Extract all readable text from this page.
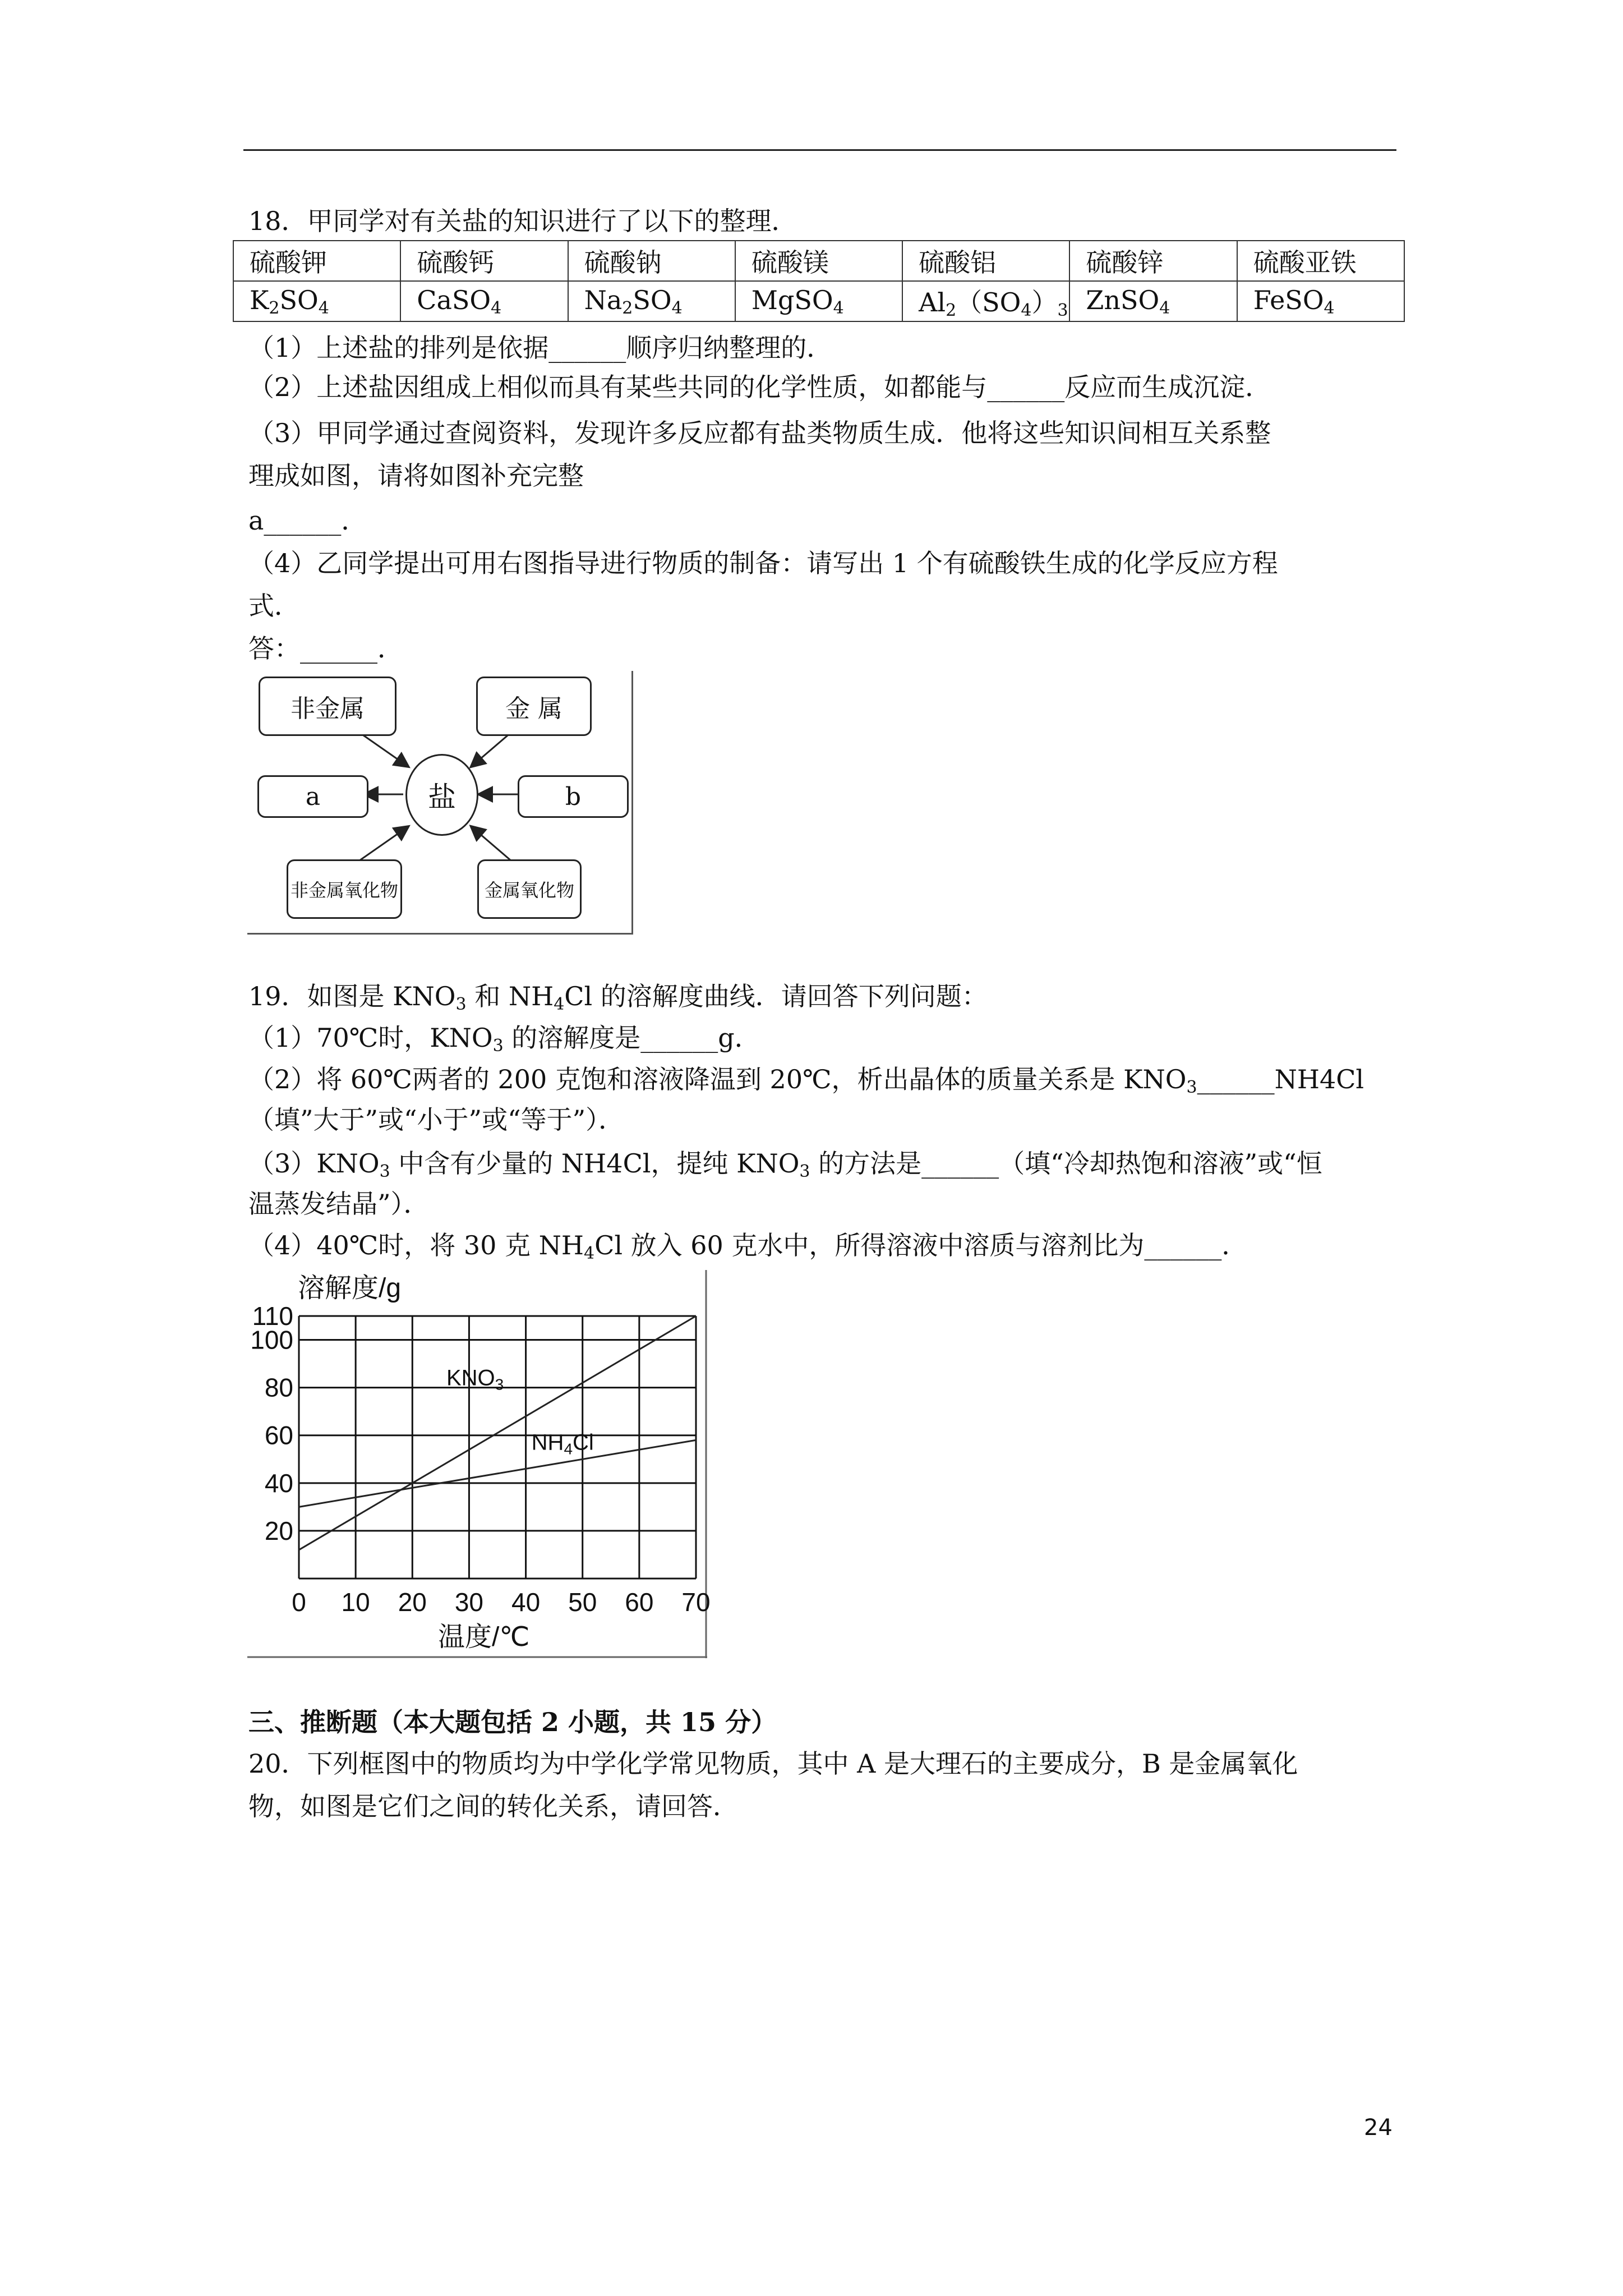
18．甲同学对有关盐的知识进行了以下的整理．
硫酸钾	硫酸钙	硫酸钠	硫酸镁	硫酸铝	硫酸锌	硫酸亚铁
$K_2SO_4$	CaSO$_4$	$Na_2SO_4$	MgSO$_4$	$Al_2(SO_4)_3$	ZnSO$_4$	FeSO$_4$
（1）上述盐的排列是依据______顺序归纳整理的．
（2）上述盐因组成上相似而具有某些共同的化学性质，如都能与______反应而生成沉淀．
（3）甲同学通过查阅资料，发现许多反应都有盐类物质生成．他将这些知识间相互关系整
理成如图，请将如图补充完整
a______．
（4）乙同学提出可用右图指导进行物质的制备：请写出 1 个有硫酸铁生成的化学反应方程
式．
答：______．
非金属	金 属
a	盐	b
非金属氧化物	金属氧化物
19．如图是 $KNO_3$ 和 $NH_4Cl$ 的溶解度曲线．请回答下列问题：
（1）70℃时，$KNO_3$ 的溶解度是______g．
（2）将 60℃两者的 200 克饱和溶液降温到 20℃，析出晶体的质量关系是 $KNO_3\_\_\_\_\_\_NH4Cl$
（填”大于”或“小于”或“等于”）．
$(3)KNO_3$ 中含有少量的 NH4Cl，提纯 $KNO_3$ 的方法是______（填“冷却热饱和溶液”或“恒
温蒸发结晶”）．
（4）40℃时，将 30 克 $NH_4Cl$ 放入 60 克水中，所得溶液中溶质与溶剂比为______．
溶解度/g
温度/℃
0 10 20 30 40 50 60 70
20
40
60
80
100
110
$KNO_3$
$NH_4Cl$
三、推断题（本大题包括 2 小题，共 15 分）
20．下列框图中的物质均为中学化学常见物质，其中 A 是大理石的主要成分，B 是金属氧化
物，如图是它们之间的转化关系，请回答．
24
